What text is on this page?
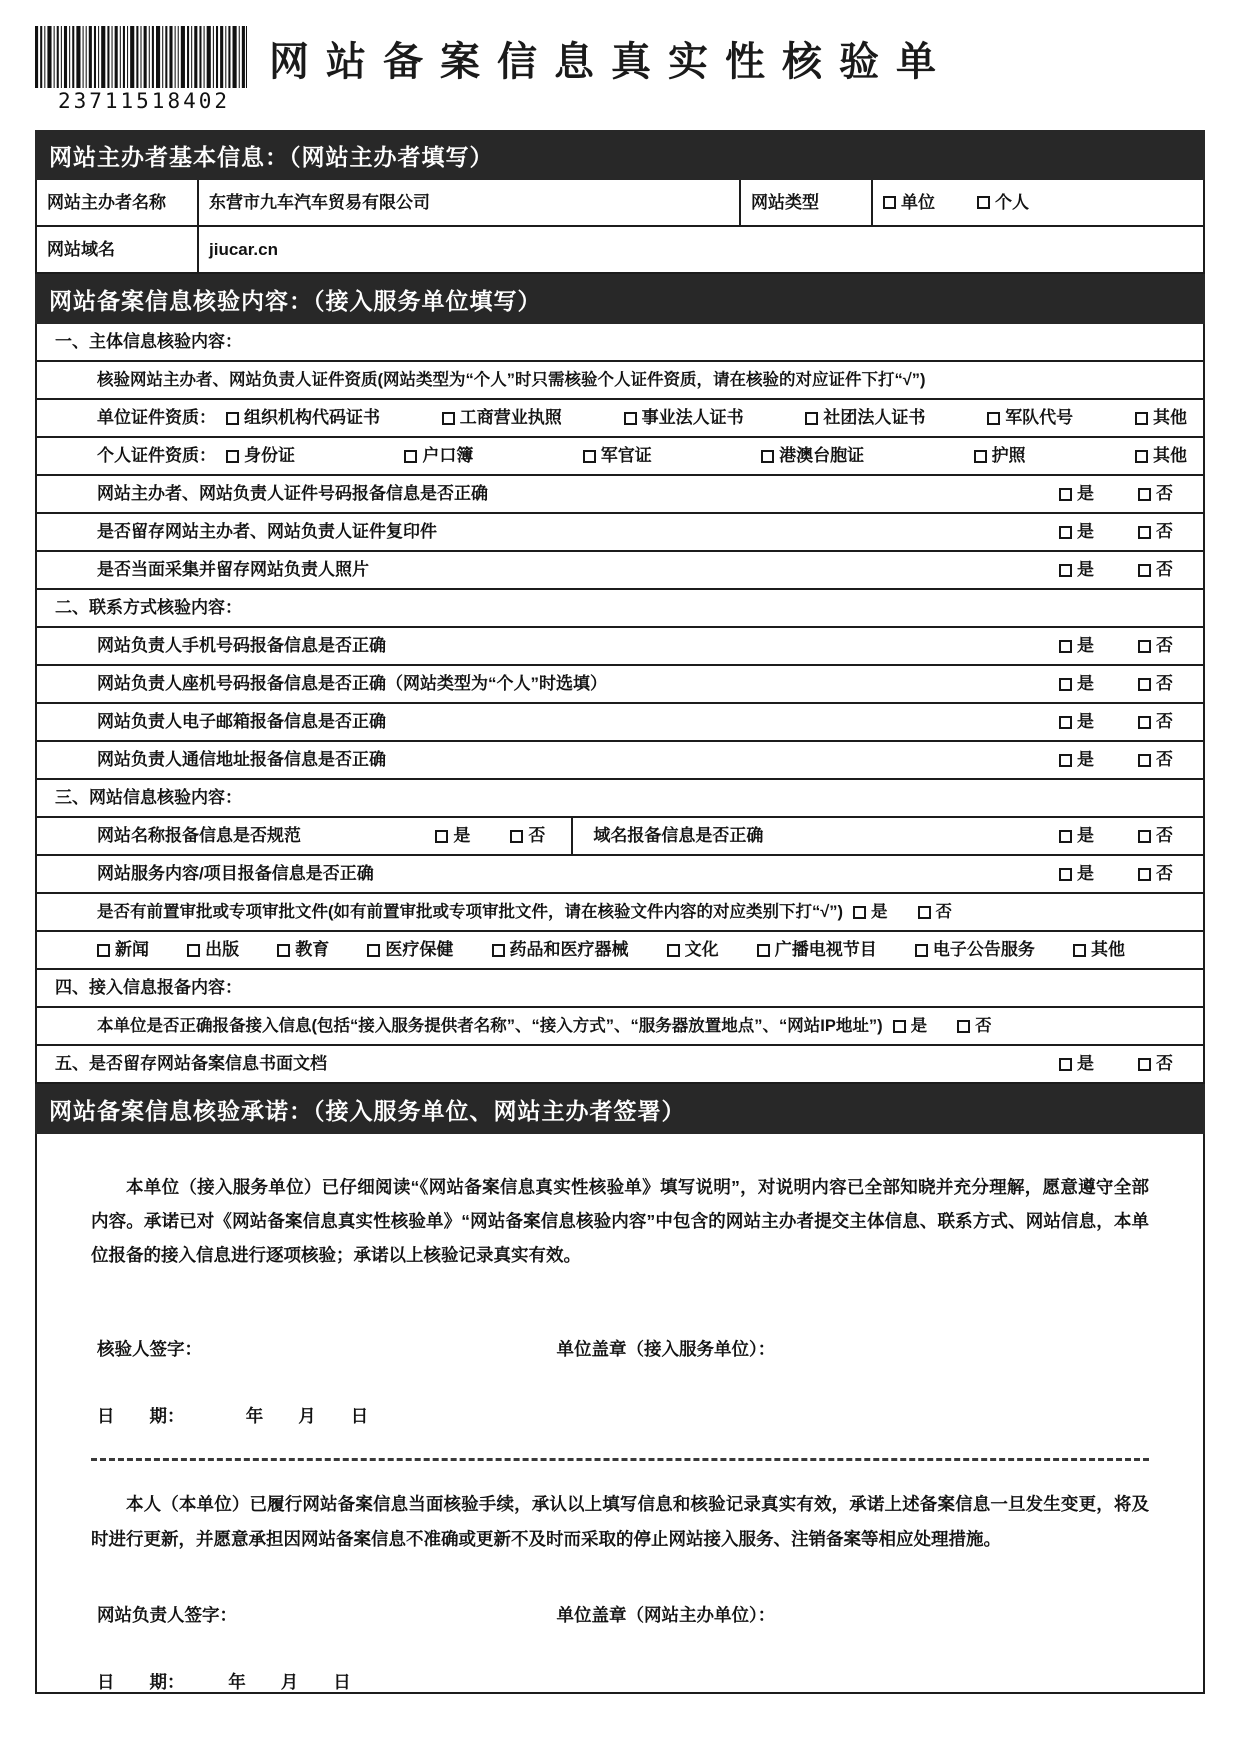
23711518402
网站备案信息真实性核验单
网站主办者基本信息：（网站主办者填写）
网站主办者名称	东营市九车汽车贸易有限公司	网站类型	单位	个人
网站域名	jiucar.cn
网站备案信息核验内容：（接入服务单位填写）
一、主体信息核验内容：
核验网站主办者、网站负责人证件资质(网站类型为“个人”时只需核验个人证件资质，请在核验的对应证件下打“√”)
单位证件资质：	组织机构代码证书	工商营业执照	事业法人证书	社团法人证书	军队代号	其他
个人证件资质：	身份证	户口簿	军官证	港澳台胞证	护照	其他
网站主办者、网站负责人证件号码报备信息是否正确	是	否
是否留存网站主办者、网站负责人证件复印件	是	否
是否当面采集并留存网站负责人照片	是	否
二、联系方式核验内容：
网站负责人手机号码报备信息是否正确	是	否
网站负责人座机号码报备信息是否正确（网站类型为“个人”时选填）	是	否
网站负责人电子邮箱报备信息是否正确	是	否
网站负责人通信地址报备信息是否正确	是	否
三、网站信息核验内容：
网站名称报备信息是否规范	是	否	域名报备信息是否正确	是	否
网站服务内容/项目报备信息是否正确	是	否
是否有前置审批或专项审批文件(如有前置审批或专项审批文件，请在核验文件内容的对应类别下打“√”) 是	否
新闻	出版	教育	医疗保健	药品和医疗器械	文化	广播电视节目	电子公告服务	其他
四、接入信息报备内容：
本单位是否正确报备接入信息(包括“接入服务提供者名称”、“接入方式”、“服务器放置地点”、“网站IP地址”) 是	否
五、是否留存网站备案信息书面文档	是	否
网站备案信息核验承诺：（接入服务单位、网站主办者签署）

本单位（接入服务单位）已仔细阅读“《网站备案信息真实性核验单》填写说明”，对说明内容已全部知晓并充分理解，愿意遵守全部内容。承诺已对《网站备案信息真实性核验单》“网站备案信息核验内容”中包含的网站主办者提交主体信息、联系方式、网站信息，本单位报备的接入信息进行逐项核验；承诺以上核验记录真实有效。

核验人签字：	单位盖章（接入服务单位）：
日　　期：　　　　年　　月　　日

本人（本单位）已履行网站备案信息当面核验手续，承认以上填写信息和核验记录真实有效，承诺上述备案信息一旦发生变更，将及时进行更新，并愿意承担因网站备案信息不准确或更新不及时而采取的停止网站接入服务、注销备案等相应处理措施。

网站负责人签字：	单位盖章（网站主办单位）：
日　　期：　　　年　　月　　日
